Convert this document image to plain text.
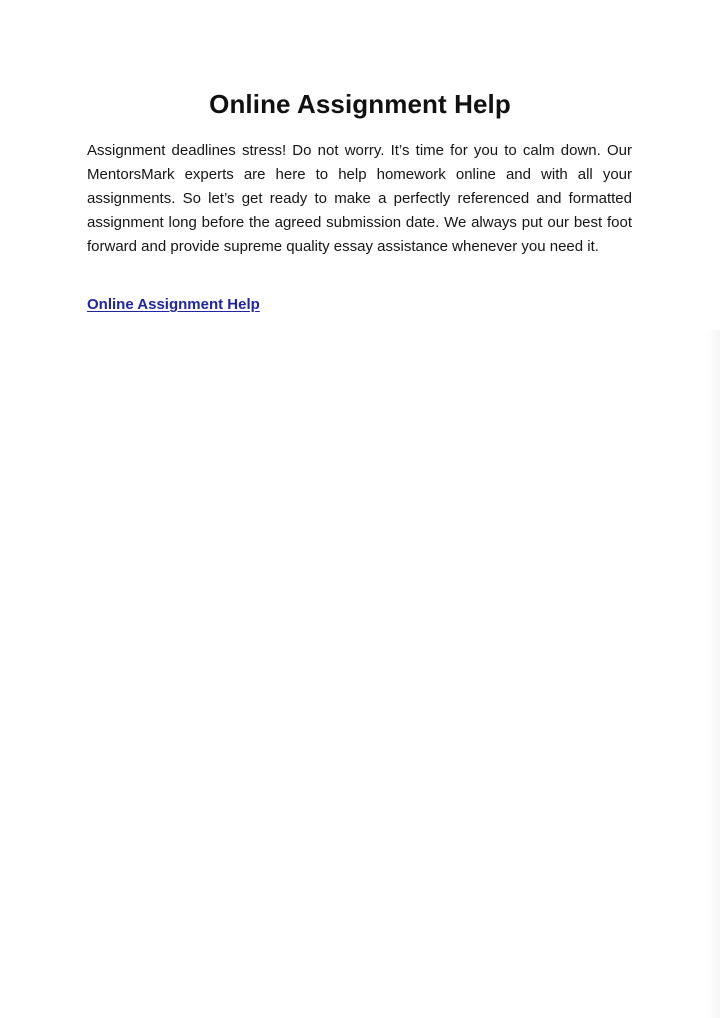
Online Assignment Help

Assignment deadlines stress! Do not worry. It’s time for you to calm down. Our MentorsMark experts are here to help homework online and with all your assignments. So let’s get ready to make a perfectly referenced and formatted assignment long before the agreed submission date. We always put our best foot forward and provide supreme quality essay assistance whenever you need it.

Online Assignment Help
